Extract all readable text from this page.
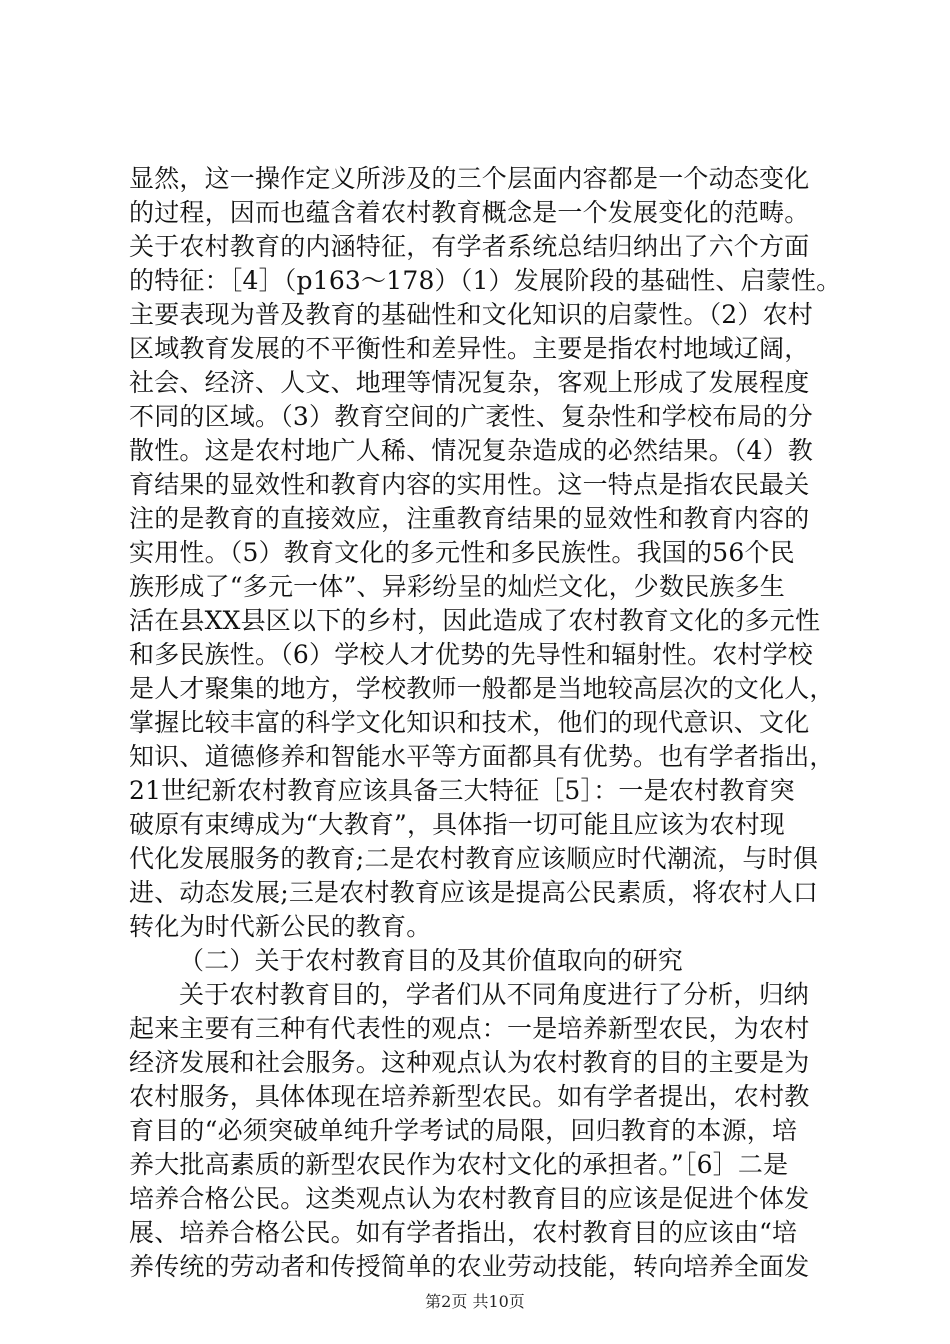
显然，这一操作定义所涉及的三个层面内容都是一个动态变化
的过程，因而也蕴含着农村教育概念是一个发展变化的范畴。
关于农村教育的内涵特征，有学者系统总结归纳出了六个方面
的特征：［4］（p163～178）（1）发展阶段的基础性、启蒙性。
主要表现为普及教育的基础性和文化知识的启蒙性。（2）农村
区域教育发展的不平衡性和差异性。主要是指农村地域辽阔，
社会、经济、人文、地理等情况复杂，客观上形成了发展程度
不同的区域。（3）教育空间的广袤性、复杂性和学校布局的分
散性。这是农村地广人稀、情况复杂造成的必然结果。（4）教
育结果的显效性和教育内容的实用性。这一特点是指农民最关
注的是教育的直接效应，注重教育结果的显效性和教育内容的
实用性。（5）教育文化的多元性和多民族性。我国的56个民
族形成了“多元一体”、异彩纷呈的灿烂文化，少数民族多生
活在县XX县区以下的乡村，因此造成了农村教育文化的多元性
和多民族性。（6）学校人才优势的先导性和辐射性。农村学校
是人才聚集的地方，学校教师一般都是当地较高层次的文化人，
掌握比较丰富的科学文化知识和技术，他们的现代意识、文化
知识、道德修养和智能水平等方面都具有优势。也有学者指出，
21世纪新农村教育应该具备三大特征［5］：一是农村教育突
破原有束缚成为“大教育”，具体指一切可能且应该为农村现
代化发展服务的教育;二是农村教育应该顺应时代潮流，与时俱
进、动态发展;三是农村教育应该是提高公民素质，将农村人口
转化为时代新公民的教育。
（二）关于农村教育目的及其价值取向的研究
关于农村教育目的，学者们从不同角度进行了分析，归纳
起来主要有三种有代表性的观点：一是培养新型农民，为农村
经济发展和社会服务。这种观点认为农村教育的目的主要是为
农村服务，具体体现在培养新型农民。如有学者提出，农村教
育目的“必须突破单纯升学考试的局限，回归教育的本源，培
养大批高素质的新型农民作为农村文化的承担者。”［6］二是
培养合格公民。这类观点认为农村教育目的应该是促进个体发
展、培养合格公民。如有学者指出，农村教育目的应该由“培
养传统的劳动者和传授简单的农业劳动技能，转向培养全面发
第2页 共10页
